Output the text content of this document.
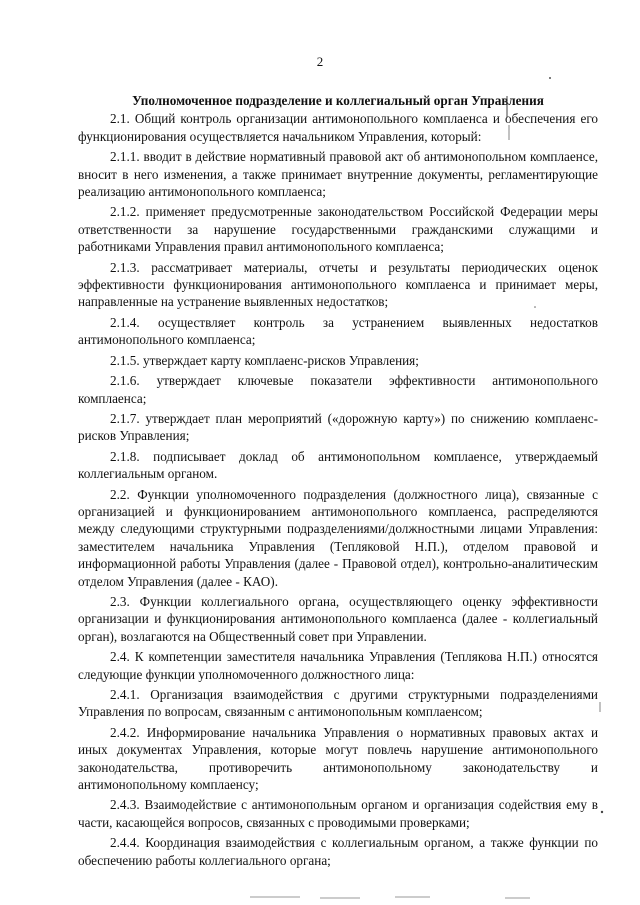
2

Уполномоченное подразделение и коллегиальный орган Управления

2.1. Общий контроль организации антимонопольного комплаенса и обеспечения его функционирования осуществляется начальником Управления, который:

2.1.1. вводит в действие нормативный правовой акт об антимонопольном комплаенсе, вносит в него изменения, а также принимает внутренние документы, регламентирующие реализацию антимонопольного комплаенса;

2.1.2. применяет предусмотренные законодательством Российской Федерации меры ответственности за нарушение государственными гражданскими служащими и работниками Управления правил антимонопольного комплаенса;

2.1.3. рассматривает материалы, отчеты и результаты периодических оценок эффективности функционирования антимонопольного комплаенса и принимает меры, направленные на устранение выявленных недостатков;

2.1.4. осуществляет контроль за устранением выявленных недостатков антимонопольного комплаенса;

2.1.5. утверждает карту комплаенс-рисков Управления;

2.1.6. утверждает ключевые показатели эффективности антимонопольного комплаенса;

2.1.7. утверждает план мероприятий («дорожную карту») по снижению комплаенс-рисков Управления;

2.1.8. подписывает доклад об антимонопольном комплаенсе, утверждаемый коллегиальным органом.

2.2. Функции уполномоченного подразделения (должностного лица), связанные с организацией и функционированием антимонопольного комплаенса, распределяются между следующими структурными подразделениями/должностными лицами Управления: заместителем начальника Управления (Тепляковой Н.П.), отделом правовой и информационной работы Управления (далее - Правовой отдел), контрольно-аналитическим отделом Управления (далее - КАО).

2.3. Функции коллегиального органа, осуществляющего оценку эффективности организации и функционирования антимонопольного комплаенса (далее - коллегиальный орган), возлагаются на Общественный совет при Управлении.

2.4. К компетенции заместителя начальника Управления (Теплякова Н.П.) относятся следующие функции уполномоченного должностного лица:

2.4.1. Организация взаимодействия с другими структурными подразделениями Управления по вопросам, связанным с антимонопольным комплаенсом;

2.4.2. Информирование начальника Управления о нормативных правовых актах и иных документах Управления, которые могут повлечь нарушение антимонопольного законодательства, противоречить антимонопольному законодательству и антимонопольному комплаенсу;

2.4.3. Взаимодействие с антимонопольным органом и организация содействия ему в части, касающейся вопросов, связанных с проводимыми проверками;

2.4.4. Координация взаимодействия с коллегиальным органом, а также функции по обеспечению работы коллегиального органа;
